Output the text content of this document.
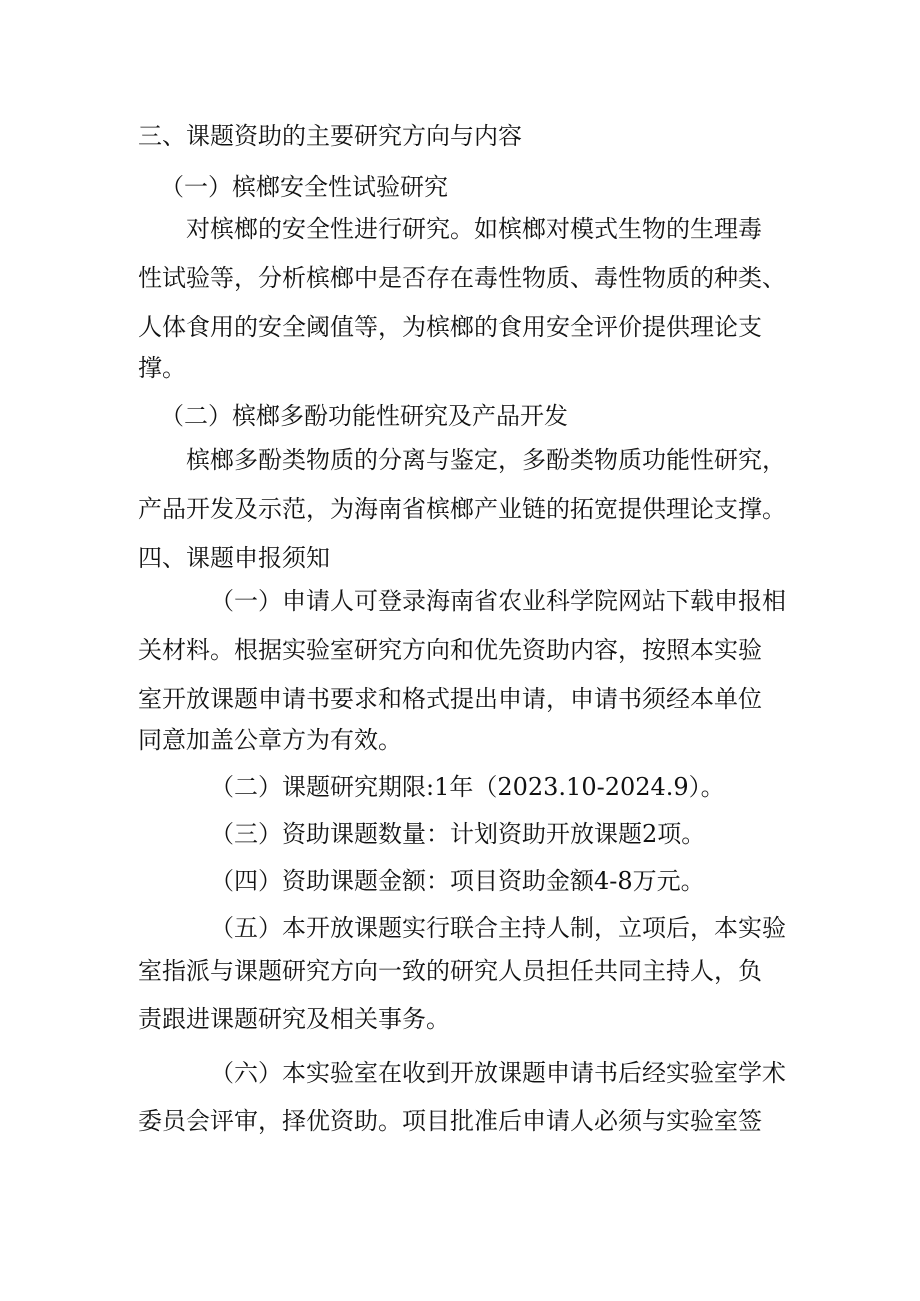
三、课题资助的主要研究方向与内容
（一）槟榔安全性试验研究
对槟榔的安全性进行研究。如槟榔对模式生物的生理毒
性试验等，分析槟榔中是否存在毒性物质、毒性物质的种类、
人体食用的安全阈值等，为槟榔的食用安全评价提供理论支
撑。
（二）槟榔多酚功能性研究及产品开发
槟榔多酚类物质的分离与鉴定，多酚类物质功能性研究，
产品开发及示范，为海南省槟榔产业链的拓宽提供理论支撑。
四、课题申报须知
（一）申请人可登录海南省农业科学院网站下载申报相
关材料。根据实验室研究方向和优先资助内容，按照本实验
室开放课题申请书要求和格式提出申请，申请书须经本单位
同意加盖公章方为有效。
（二）课题研究期限:1年（2023.10-2024.9）。
（三）资助课题数量：计划资助开放课题2项。
（四）资助课题金额：项目资助金额4-8万元。
（五）本开放课题实行联合主持人制，立项后，本实验
室指派与课题研究方向一致的研究人员担任共同主持人，负
责跟进课题研究及相关事务。
（六）本实验室在收到开放课题申请书后经实验室学术
委员会评审，择优资助。项目批准后申请人必须与实验室签
